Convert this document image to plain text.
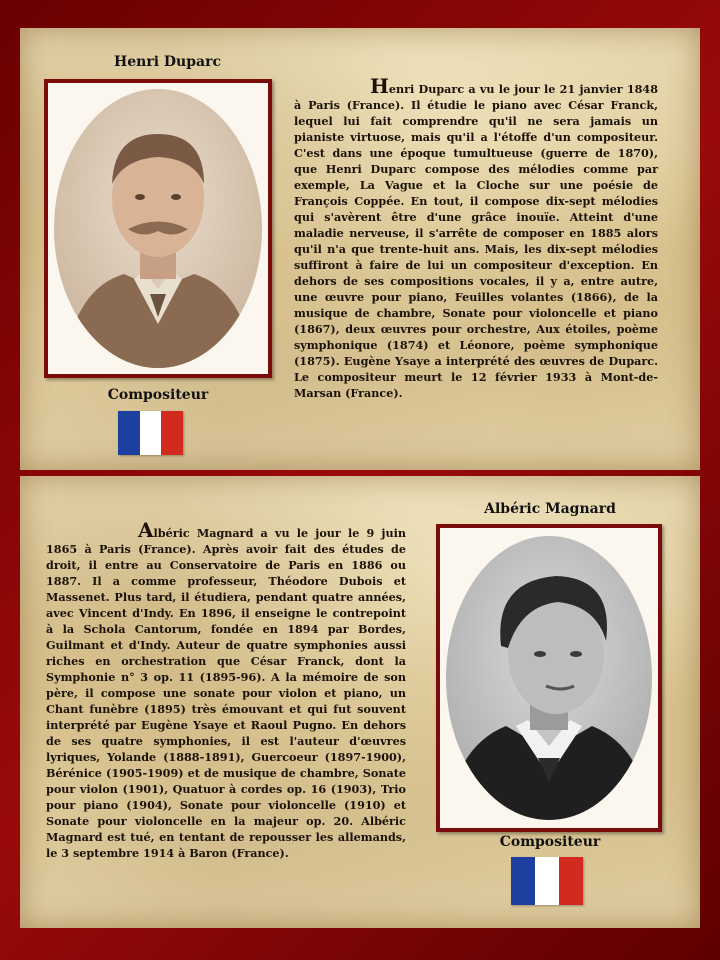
Henri Duparc
Compositeur
Henri Duparc a vu le jour le 21 janvier 1848 à Paris (France). Il étudie le piano avec César Franck, lequel lui fait comprendre qu'il ne sera jamais un pianiste virtuose, mais qu'il a l'étoffe d'un compositeur. C'est dans une époque tumultueuse (guerre de 1870), que Henri Duparc compose des mélodies comme par exemple, La Vague et la Cloche sur une poésie de François Coppée. En tout, il compose dix-sept mélodies qui s'avèrent être d'une grâce inouïe. Atteint d'une maladie nerveuse, il s'arrête de composer en 1885 alors qu'il n'a que trente-huit ans. Mais, les dix-sept mélodies suffiront à faire de lui un compositeur d'exception. En dehors de ses compositions vocales, il y a, entre autre, une œuvre pour piano, Feuilles volantes (1866), de la musique de chambre, Sonate pour violoncelle et piano (1867), deux œuvres pour orchestre, Aux étoiles, poème symphonique (1874) et Léonore, poème symphonique (1875). Eugène Ysaye a interprété des œuvres de Duparc. Le compositeur meurt le 12 février 1933 à Mont-de-Marsan (France).
Albéric Magnard
Compositeur
Albéric Magnard a vu le jour le 9 juin 1865 à Paris (France). Après avoir fait des études de droit, il entre au Conservatoire de Paris en 1886 ou 1887. Il a comme professeur, Théodore Dubois et Massenet. Plus tard, il étudiera, pendant quatre années, avec Vincent d'Indy. En 1896, il enseigne le contrepoint à la Schola Cantorum, fondée en 1894 par Bordes, Guilmant et d'Indy. Auteur de quatre symphonies aussi riches en orchestration que César Franck, dont la Symphonie n° 3 op. 11 (1895-96). A la mémoire de son père, il compose une sonate pour violon et piano, un Chant funèbre (1895) très émouvant et qui fut souvent interprété par Eugène Ysaye et Raoul Pugno. En dehors de ses quatre symphonies, il est l'auteur d'œuvres lyriques, Yolande (1888-1891), Guercoeur (1897-1900), Bérénice (1905-1909) et de musique de chambre, Sonate pour violon (1901), Quatuor à cordes op. 16 (1903), Trio pour piano (1904), Sonate pour violoncelle (1910) et Sonate pour violoncelle en la majeur op. 20. Albéric Magnard est tué, en tentant de repousser les allemands, le 3 septembre 1914 à Baron (France).
